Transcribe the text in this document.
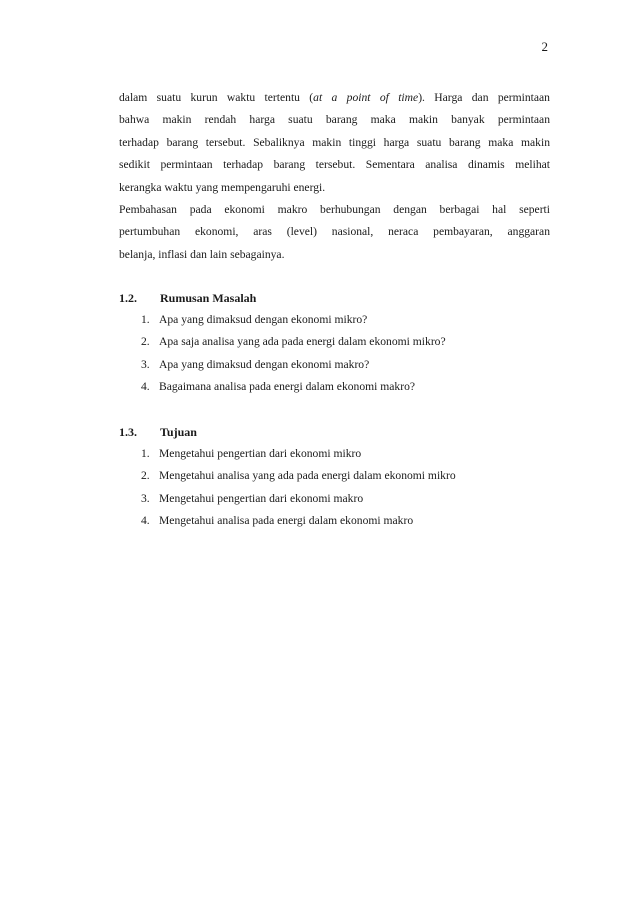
2
dalam suatu kurun waktu tertentu (at a point of time). Harga dan permintaan
bahwa makin rendah harga suatu barang maka makin banyak permintaan
terhadap barang tersebut. Sebaliknya makin tinggi harga suatu barang maka makin
sedikit permintaan terhadap barang tersebut. Sementara analisa dinamis melihat
kerangka waktu yang mempengaruhi energi.
Pembahasan pada ekonomi makro berhubungan dengan berbagai hal seperti
pertumbuhan ekonomi, aras (level) nasional, neraca pembayaran, anggaran
belanja, inflasi dan lain sebagainya.
1.2. Rumusan Masalah
1. Apa yang dimaksud dengan ekonomi mikro?
2. Apa saja analisa yang ada pada energi dalam ekonomi mikro?
3. Apa yang dimaksud dengan ekonomi makro?
4. Bagaimana analisa pada energi dalam ekonomi makro?
1.3. Tujuan
1. Mengetahui pengertian dari ekonomi mikro
2. Mengetahui analisa yang ada pada energi dalam ekonomi mikro
3. Mengetahui pengertian dari ekonomi makro
4. Mengetahui analisa pada energi dalam ekonomi makro
